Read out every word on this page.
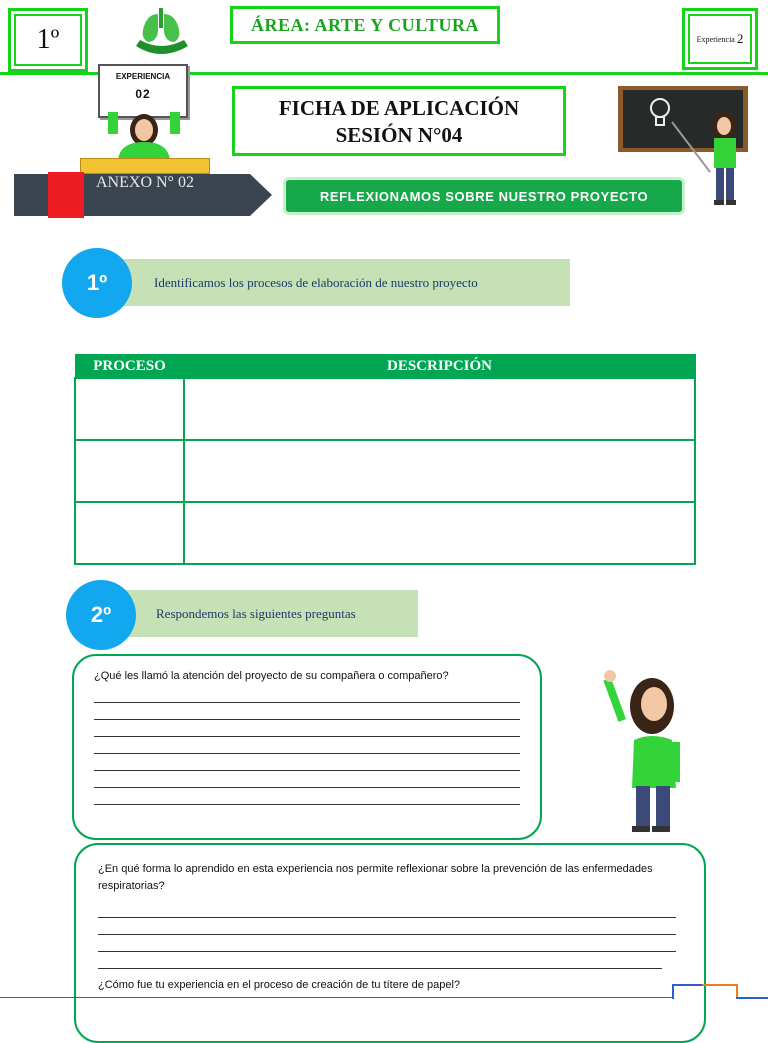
1º	ÁREA: ARTE Y CULTURA
Experiencia 2
EXPERIENCIA
02
FICHA DE APLICACIÓN
SESIÓN N°04
ANEXO N° 02
REFLEXIONAMOS SOBRE NUESTRO PROYECTO
Identificamos los procesos de elaboración de nuestro proyecto
1º
PROCESO	DESCRIPCIÓN

Respondemos las siguientes preguntas
2º
¿Qué les llamó la atención del proyecto de su compañera o compañero?
¿En qué forma lo aprendido en esta experiencia nos permite reflexionar sobre la prevención de las enfermedades respiratorias?
¿Cómo fue tu experiencia en el proceso de creación de tu títere de papel?
